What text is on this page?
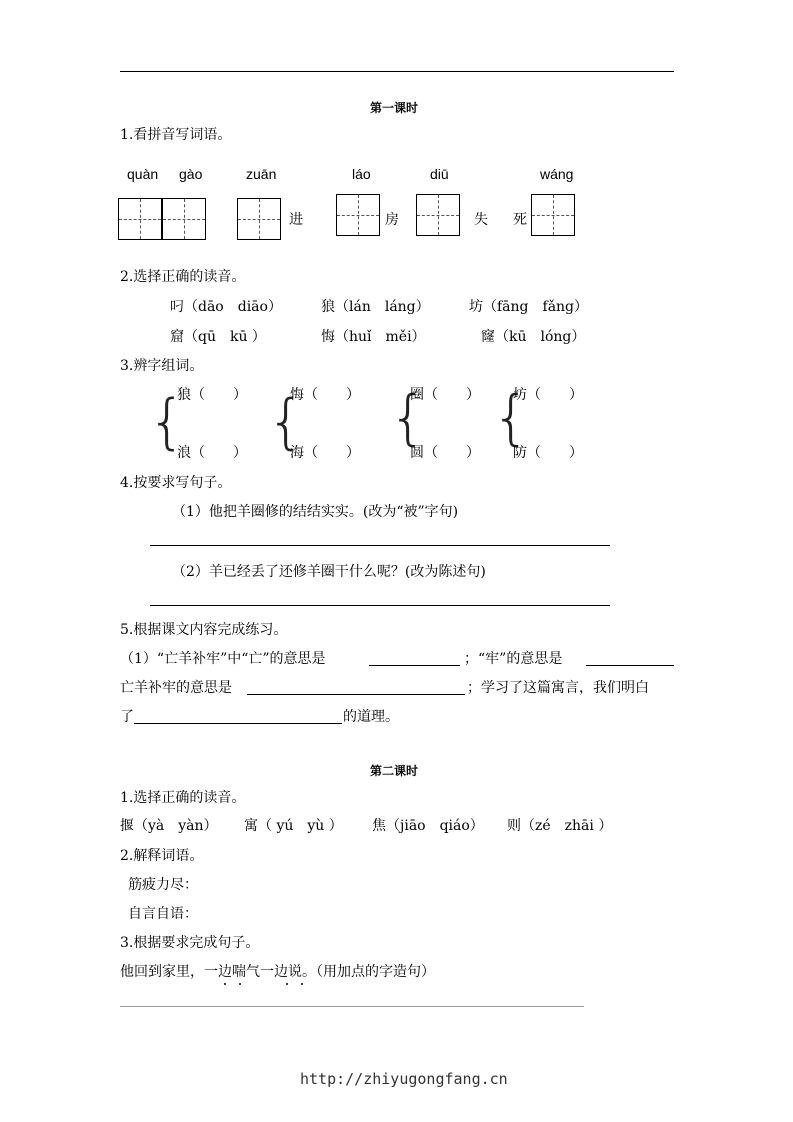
第一课时
1.看拼音写词语。
quàn gào	zuān	láo	diū	wáng
进	房	失 死
2.选择正确的读音。
叼（dāo　diāo）	狼（lán　láng）	坊（fāng　fǎng）
窟（qū　kū ）	悔（huǐ　měi）	窿（kū　lóng）
3.辨字组词。
{
狼（　　）
浪（　　） {
悔（　　）
海（　　） {
圈（　　）
圆（　　） {
坊（　　）
防（　　）
4.按要求写句子。
（1）他把羊圈修的结结实实。(改为“被”字句)
（2）羊已经丢了还修羊圈干什么呢？(改为陈述句)
5.根据课文内容完成练习。
（1）“亡羊补牢”中“亡”的意思是	；“牢”的意思是
亡羊补牢的意思是	；学习了这篇寓言，我们明白
了	的道理。
第二课时
1.选择正确的读音。
揠（yà　yàn） 寓（ yú　yù ） 焦（jiāo　qiáo） 则（zé　zhāi ）
2.解释词语。
筋疲力尽：
自言自语：
3.根据要求完成句子。
他回到家里，一边喘气一边说。（用加点的字造句）
http://zhiyugongfang.cn
